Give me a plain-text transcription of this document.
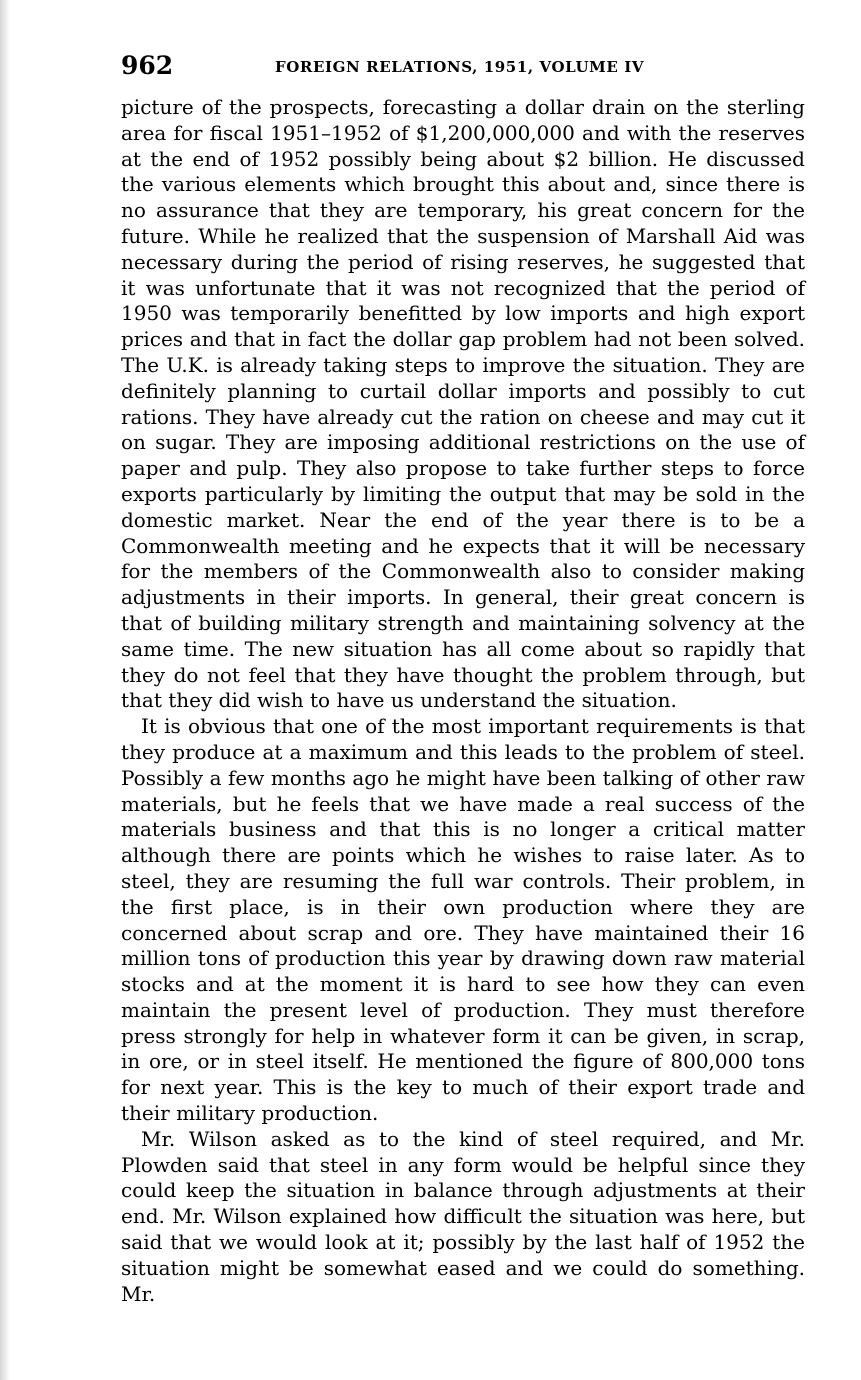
962	FOREIGN RELATIONS, 1951, VOLUME IV

picture of the prospects, forecasting a dollar drain on the sterling area for fiscal 1951–1952 of $1,200,000,000 and with the reserves at the end of 1952 possibly being about $2 billion. He discussed the various elements which brought this about and, since there is no assurance that they are temporary, his great concern for the future. While he realized that the suspension of Marshall Aid was necessary during the period of rising reserves, he suggested that it was unfortunate that it was not recognized that the period of 1950 was temporarily benefitted by low imports and high export prices and that in fact the dollar gap problem had not been solved. The U.K. is already taking steps to improve the situation. They are definitely planning to curtail dollar imports and possibly to cut rations. They have already cut the ration on cheese and may cut it on sugar. They are imposing additional restrictions on the use of paper and pulp. They also propose to take further steps to force exports particularly by limiting the output that may be sold in the domestic market. Near the end of the year there is to be a Commonwealth meeting and he expects that it will be necessary for the members of the Commonwealth also to consider making adjustments in their imports. In general, their great concern is that of building military strength and maintaining solvency at the same time. The new situation has all come about so rapidly that they do not feel that they have thought the problem through, but that they did wish to have us understand the situation.

It is obvious that one of the most important requirements is that they produce at a maximum and this leads to the problem of steel. Possibly a few months ago he might have been talking of other raw materials, but he feels that we have made a real success of the materials business and that this is no longer a critical matter although there are points which he wishes to raise later. As to steel, they are resuming the full war controls. Their problem, in the first place, is in their own production where they are concerned about scrap and ore. They have maintained their 16 million tons of production this year by drawing down raw material stocks and at the moment it is hard to see how they can even maintain the present level of production. They must therefore press strongly for help in whatever form it can be given, in scrap, in ore, or in steel itself. He mentioned the figure of 800,000 tons for next year. This is the key to much of their export trade and their military production.

Mr. Wilson asked as to the kind of steel required, and Mr. Plowden said that steel in any form would be helpful since they could keep the situation in balance through adjustments at their end. Mr. Wilson explained how difficult the situation was here, but said that we would look at it; possibly by the last half of 1952 the situation might be somewhat eased and we could do something. Mr.
